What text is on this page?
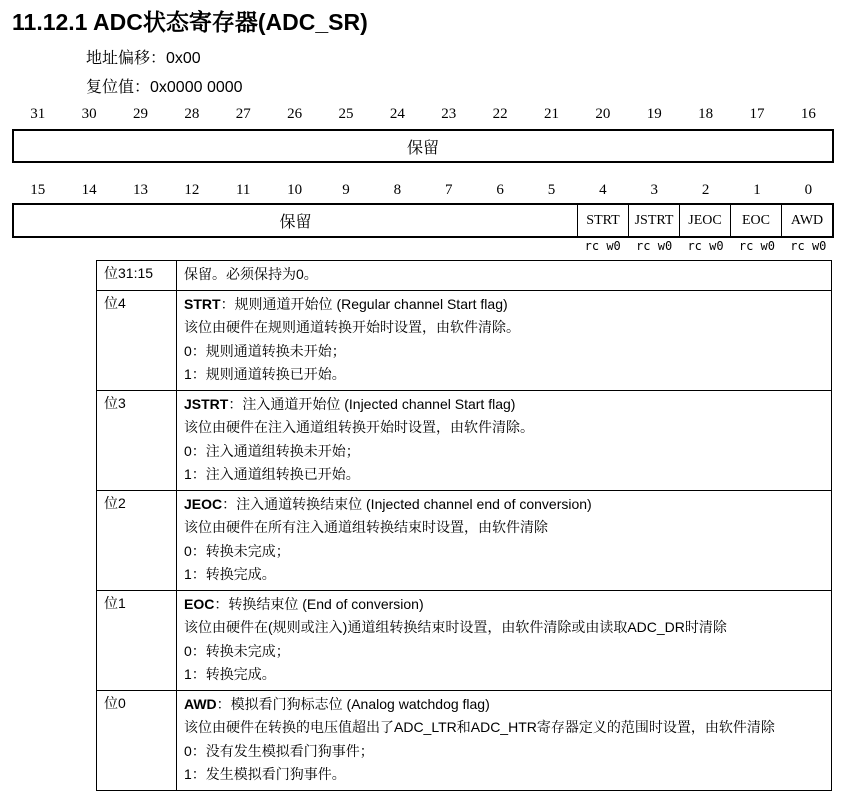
11.12.1 ADC状态寄存器(ADC_SR)
地址偏移：0x00
复位值：0x0000 0000
31	30	29	28	27	26	25	24	23	22	21	20	19	18	17	16
保留
15	14	13	12	11	10	9	8	7	6	5	4	3	2	1	0
保留	STRT	JSTRT	JEOC	EOC	AWD
rc w0	rc w0	rc w0	rc w0	rc w0
位31:15	保留。必须保持为0。

位4	STRT：规则通道开始位 (Regular channel Start flag)
该位由硬件在规则通道转换开始时设置，由软件清除。
0：规则通道转换未开始；
1：规则通道转换已开始。

位3	JSTRT：注入通道开始位 (Injected channel Start flag)
该位由硬件在注入通道组转换开始时设置，由软件清除。
0：注入通道组转换未开始；
1：注入通道组转换已开始。

位2	JEOC：注入通道转换结束位 (Injected channel end of conversion)
该位由硬件在所有注入通道组转换结束时设置，由软件清除
0：转换未完成；
1：转换完成。

位1	EOC：转换结束位 (End of conversion)
该位由硬件在(规则或注入)通道组转换结束时设置，由软件清除或由读取ADC_DR时清除
0：转换未完成；
1：转换完成。

位0	AWD：模拟看门狗标志位 (Analog watchdog flag)
该位由硬件在转换的电压值超出了ADC_LTR和ADC_HTR寄存器定义的范围时设置，由软件清除
0：没有发生模拟看门狗事件；
1：发生模拟看门狗事件。
